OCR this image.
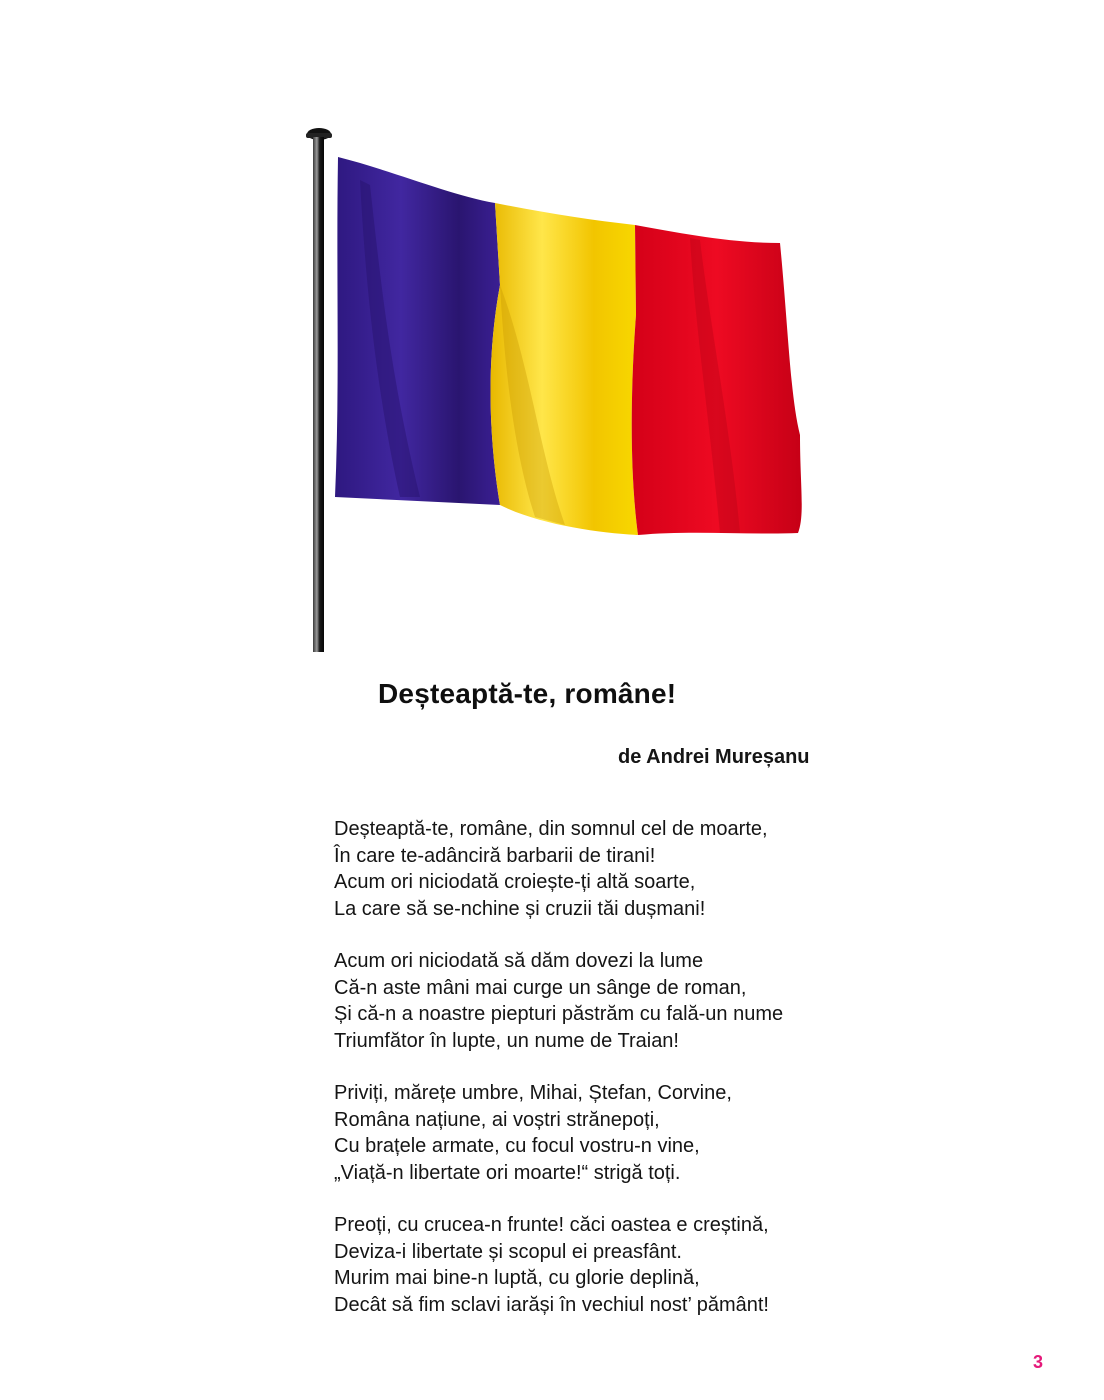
Deșteaptă-te, române!

de Andrei Mureșanu

Deșteaptă-te, române, din somnul cel de moarte,
În care te-adânciră barbarii de tirani!
Acum ori niciodată croiește-ți altă soarte,
La care să se-nchine și cruzii tăi dușmani!
Acum ori niciodată să dăm dovezi la lume
Că-n aste mâni mai curge un sânge de roman,
Și că-n a noastre piepturi păstrăm cu fală-un nume
Triumfător în lupte, un nume de Traian!
Priviți, mărețe umbre, Mihai, Ștefan, Corvine,
Românа națiune, ai voștri strănepoți,
Cu brațele armate, cu focul vostru-n vine,
„Viață-n libertate ori moarte!“ strigă toți.
Preoți, cu crucea-n frunte! căci oastea e creștină,
Deviza-i libertate și scopul ei preasfânt.
Murim mai bine-n luptă, cu glorie deplină,
Decât să fim sclavi iarăși în vechiul nost’ pământ!
3
